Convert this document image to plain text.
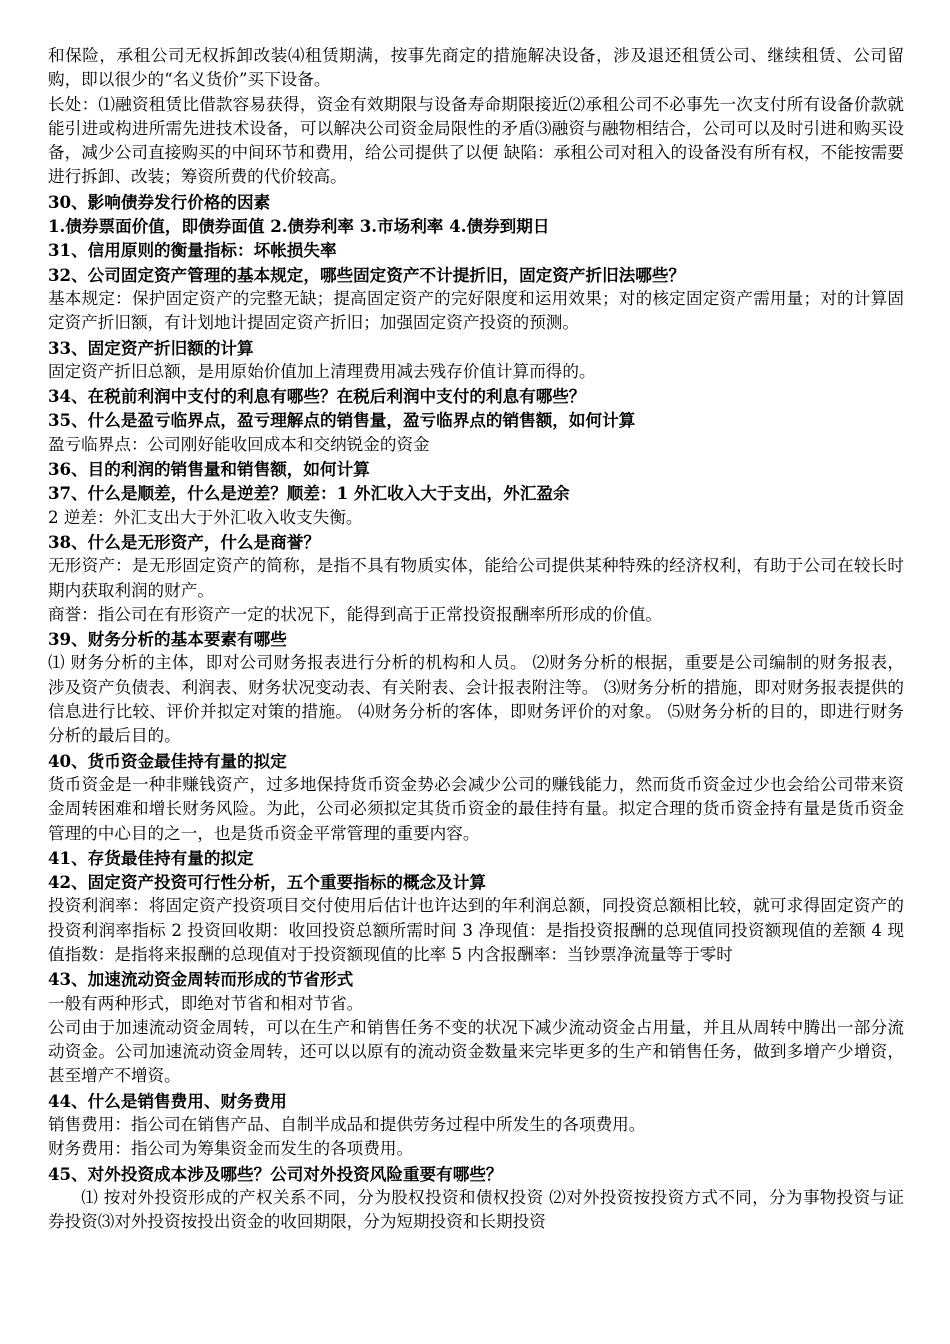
和保险，承租公司无权拆卸改装⑷租赁期满，按事先商定的措施解决设备，涉及退还租赁公司、继续租赁、公司留购，即以很少的“名义货价”买下设备。

长处：⑴融资租赁比借款容易获得，资金有效期限与设备寿命期限接近⑵承租公司不必事先一次支付所有设备价款就能引进或构进所需先进技术设备，可以解决公司资金局限性的矛盾⑶融资与融物相结合，公司可以及时引进和购买设备，减少公司直接购买的中间环节和费用，给公司提供了以便 缺陷：承租公司对租入的设备没有所有权，不能按需要进行拆卸、改装；筹资所费的代价较高。

30、影响债券发行价格的因素

1.债券票面价值，即债券面值 2.债券利率 3.市场利率 4.债券到期日

31、信用原则的衡量指标：坏帐损失率

32、公司固定资产管理的基本规定，哪些固定资产不计提折旧，固定资产折旧法哪些？

基本规定：保护固定资产的完整无缺；提高固定资产的完好限度和运用效果；对的核定固定资产需用量；对的计算固定资产折旧额，有计划地计提固定资产折旧；加强固定资产投资的预测。

33、固定资产折旧额的计算

固定资产折旧总额，是用原始价值加上清理费用减去残存价值计算而得的。

34、在税前利润中支付的利息有哪些？在税后利润中支付的利息有哪些？

35、什么是盈亏临界点，盈亏理解点的销售量，盈亏临界点的销售额，如何计算

盈亏临界点：公司刚好能收回成本和交纳锐金的资金

36、目的利润的销售量和销售额，如何计算

37、什么是顺差，什么是逆差？顺差：1 外汇收入大于支出，外汇盈余

2 逆差：外汇支出大于外汇收入收支失衡。

38、什么是无形资产，什么是商誉？

无形资产：是无形固定资产的简称，是指不具有物质实体，能给公司提供某种特殊的经济权利，有助于公司在较长时期内获取利润的财产。

商誉：指公司在有形资产一定的状况下，能得到高于正常投资报酬率所形成的价值。

39、财务分析的基本要素有哪些

⑴ 财务分析的主体，即对公司财务报表进行分析的机构和人员。 ⑵财务分析的根据，重要是公司编制的财务报表，涉及资产负债表、利润表、财务状况变动表、有关附表、会计报表附注等。 ⑶财务分析的措施，即对财务报表提供的信息进行比较、评价并拟定对策的措施。 ⑷财务分析的客体，即财务评价的对象。 ⑸财务分析的目的，即进行财务分析的最后目的。

40、货币资金最佳持有量的拟定

货币资金是一种非赚钱资产，过多地保持货币资金势必会减少公司的赚钱能力，然而货币资金过少也会给公司带来资金周转困难和增长财务风险。为此，公司必须拟定其货币资金的最佳持有量。拟定合理的货币资金持有量是货币资金管理的中心目的之一，也是货币资金平常管理的重要内容。

41、存货最佳持有量的拟定

42、固定资产投资可行性分析，五个重要指标的概念及计算

投资利润率：将固定资产投资项目交付使用后估计也许达到的年利润总额，同投资总额相比较，就可求得固定资产的投资利润率指标 2 投资回收期：收回投资总额所需时间 3 净现值：是指投资报酬的总现值同投资额现值的差额 4 现值指数：是指将来报酬的总现值对于投资额现值的比率 5 内含报酬率：当钞票净流量等于零时

43、加速流动资金周转而形成的节省形式

一般有两种形式，即绝对节省和相对节省。

公司由于加速流动资金周转，可以在生产和销售任务不变的状况下减少流动资金占用量，并且从周转中腾出一部分流动资金。公司加速流动资金周转，还可以以原有的流动资金数量来完毕更多的生产和销售任务，做到多增产少增资，甚至增产不增资。

44、什么是销售费用、财务费用

销售费用：指公司在销售产品、自制半成品和提供劳务过程中所发生的各项费用。

财务费用：指公司为筹集资金而发生的各项费用。

45、对外投资成本涉及哪些？公司对外投资风险重要有哪些？

⑴ 按对外投资形成的产权关系不同，分为股权投资和债权投资 ⑵对外投资按投资方式不同，分为事物投资与证券投资⑶对外投资按投出资金的收回期限，分为短期投资和长期投资
